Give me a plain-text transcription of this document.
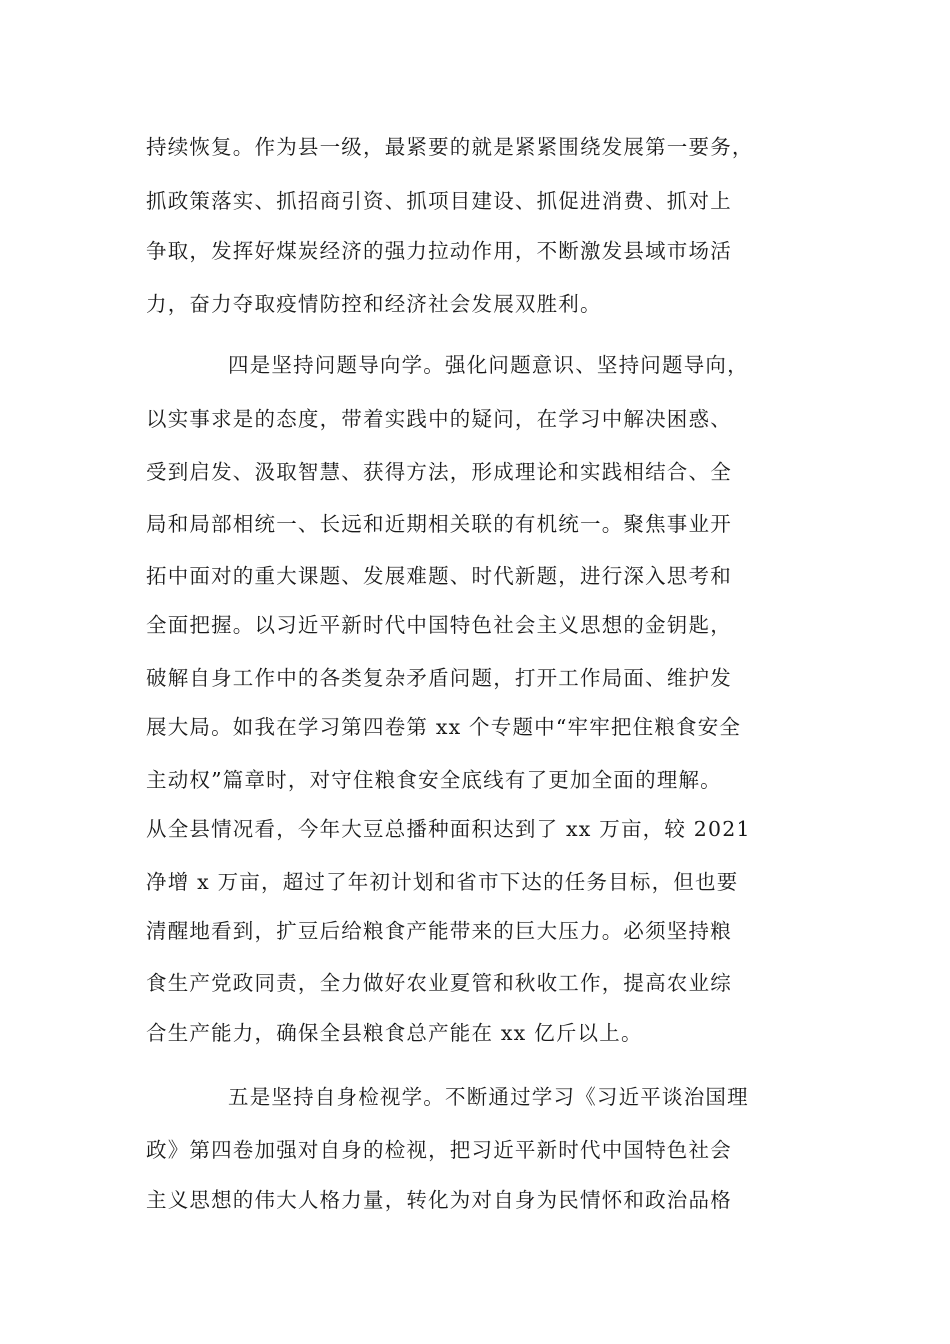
持续恢复。作为县一级，最紧要的就是紧紧围绕发展第一要务，
抓政策落实、抓招商引资、抓项目建设、抓促进消费、抓对上
争取，发挥好煤炭经济的强力拉动作用，不断激发县域市场活
力，奋力夺取疫情防控和经济社会发展双胜利。
四是坚持问题导向学。强化问题意识、坚持问题导向，
以实事求是的态度，带着实践中的疑问，在学习中解决困惑、
受到启发、汲取智慧、获得方法，形成理论和实践相结合、全
局和局部相统一、长远和近期相关联的有机统一。聚焦事业开
拓中面对的重大课题、发展难题、时代新题，进行深入思考和
全面把握。以习近平新时代中国特色社会主义思想的金钥匙，
破解自身工作中的各类复杂矛盾问题，打开工作局面、维护发
展大局。如我在学习第四卷第 xx 个专题中“牢牢把住粮食安全
主动权”篇章时，对守住粮食安全底线有了更加全面的理解。
从全县情况看，今年大豆总播种面积达到了 xx 万亩，较 2021
净增 x 万亩，超过了年初计划和省市下达的任务目标，但也要
清醒地看到，扩豆后给粮食产能带来的巨大压力。必须坚持粮
食生产党政同责，全力做好农业夏管和秋收工作，提高农业综
合生产能力，确保全县粮食总产能在 xx 亿斤以上。
五是坚持自身检视学。不断通过学习《习近平谈治国理
政》第四卷加强对自身的检视，把习近平新时代中国特色社会
主义思想的伟大人格力量，转化为对自身为民情怀和政治品格
